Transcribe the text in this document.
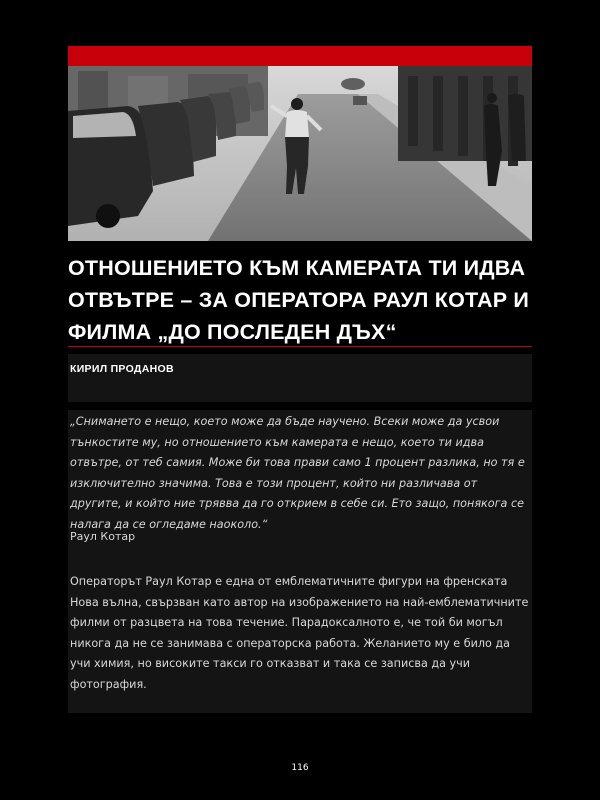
ОТНОШЕНИЕТО КЪМ КАМЕРАТА ТИ ИДВА ОТВЪТРЕ – ЗА ОПЕРАТОРА РАУЛ КОТАР И ФИЛМА „ДО ПОСЛЕДЕН ДЪХ“
КИРИЛ ПРОДАНОВ

„Снимането е нещо, което може да бъде научено. Всеки може да усвои тънкостите му, но отношението към камерата е нещо, което ти идва отвътре, от теб самия. Може би това прави само 1 процент разлика, но тя е изключително значима. Това е този процент, който ни различава от другите, и който ние трявва да го открием в себе си. Ето защо, понякога се налага да се огледаме наоколо.“

Раул Котар

Операторът Раул Котар е една от емблематичните фигури на френската Нова вълна, свързван като автор на изображението на най-емблематичните филми от разцвета на това течение. Парадоксалното е, че той би могъл никога да не се занимава с операторска работа. Желанието му е било да учи химия, но високите такси го отказват и така се записва да учи фотография.

116
